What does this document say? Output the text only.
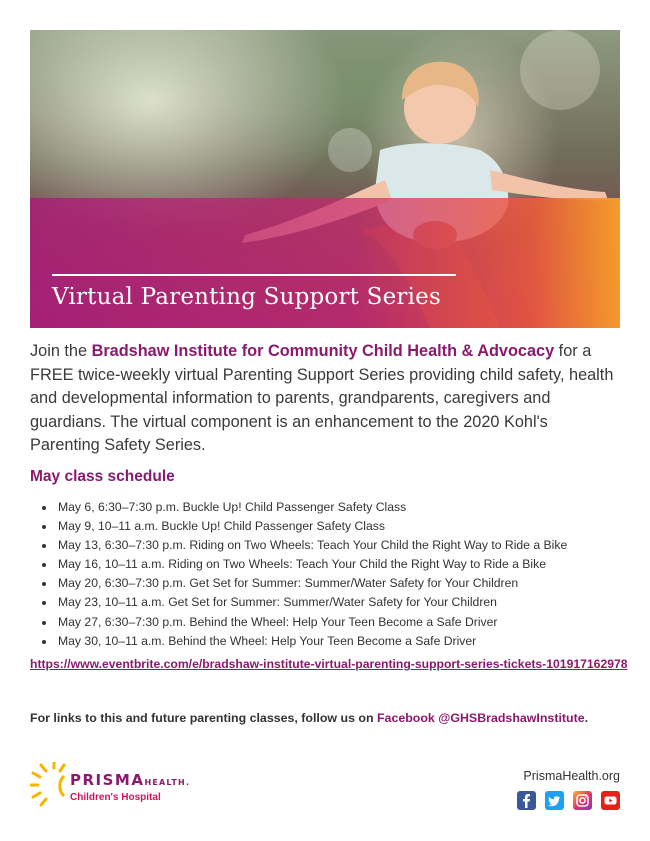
Virtual Parenting Support Series

Join the Bradshaw Institute for Community Child Health & Advocacy for a FREE twice-weekly virtual Parenting Support Series providing child safety, health and developmental information to parents, grandparents, caregivers and guardians. The virtual component is an enhancement to the 2020 Kohl's Parenting Safety Series.

May class schedule
May 6, 6:30–7:30 p.m. Buckle Up! Child Passenger Safety Class
May 9, 10–11 a.m. Buckle Up! Child Passenger Safety Class
May 13, 6:30–7:30 p.m. Riding on Two Wheels: Teach Your Child the Right Way to Ride a Bike
May 16, 10–11 a.m. Riding on Two Wheels: Teach Your Child the Right Way to Ride a Bike
May 20, 6:30–7:30 p.m. Get Set for Summer: Summer/Water Safety for Your Children
May 23, 10–11 a.m. Get Set for Summer: Summer/Water Safety for Your Children
May 27, 6:30–7:30 p.m. Behind the Wheel: Help Your Teen Become a Safe Driver
May 30, 10–11 a.m. Behind the Wheel: Help Your Teen Become a Safe Driver
https://www.eventbrite.com/e/bradshaw-institute-virtual-parenting-support-series-tickets-101917162978

For links to this and future parenting classes, follow us on Facebook @GHSBradshawInstitute.

PRISMAHEALTH.

Children's Hospital

PrismaHealth.org
